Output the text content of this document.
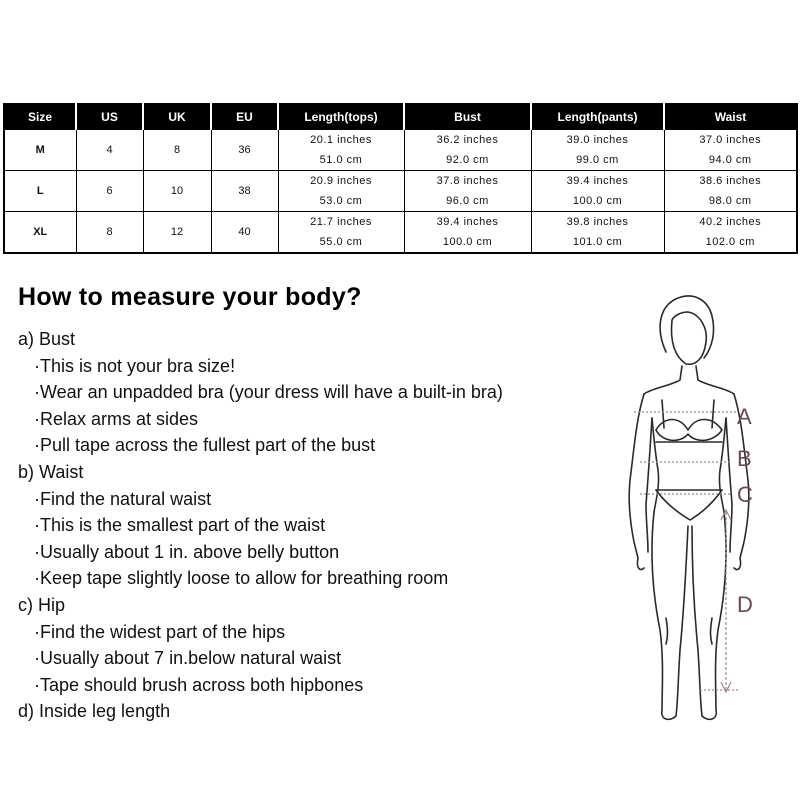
Size	US	UK	EU	Length(tops)	Bust	Length(pants)	Waist
M	4	8	36	20.1 inches	36.2 inches	39.0 inches	37.0 inches
				51.0 cm	92.0 cm	99.0 cm	94.0 cm
L	6	10	38	20.9 inches	37.8 inches	39.4 inches	38.6 inches
				53.0 cm	96.0 cm	100.0 cm	98.0 cm
XL	8	12	40	21.7 inches	39.4 inches	39.8 inches	40.2 inches
				55.0 cm	100.0 cm	101.0 cm	102.0 cm
How to measure your body?
a) Bust
·This is not your bra size!
·Wear an unpadded bra (your dress will have a built-in bra)
·Relax arms at sides
·Pull tape across the fullest part of the bust
b) Waist
·Find the natural waist
·This is the smallest part of the waist
·Usually about 1 in. above belly button
·Keep tape slightly loose to allow for breathing room
c) Hip
·Find the widest part of the hips
·Usually about 7 in.below natural waist
·Tape should brush across both hipbones
d) Inside leg length
A
B
C
D
